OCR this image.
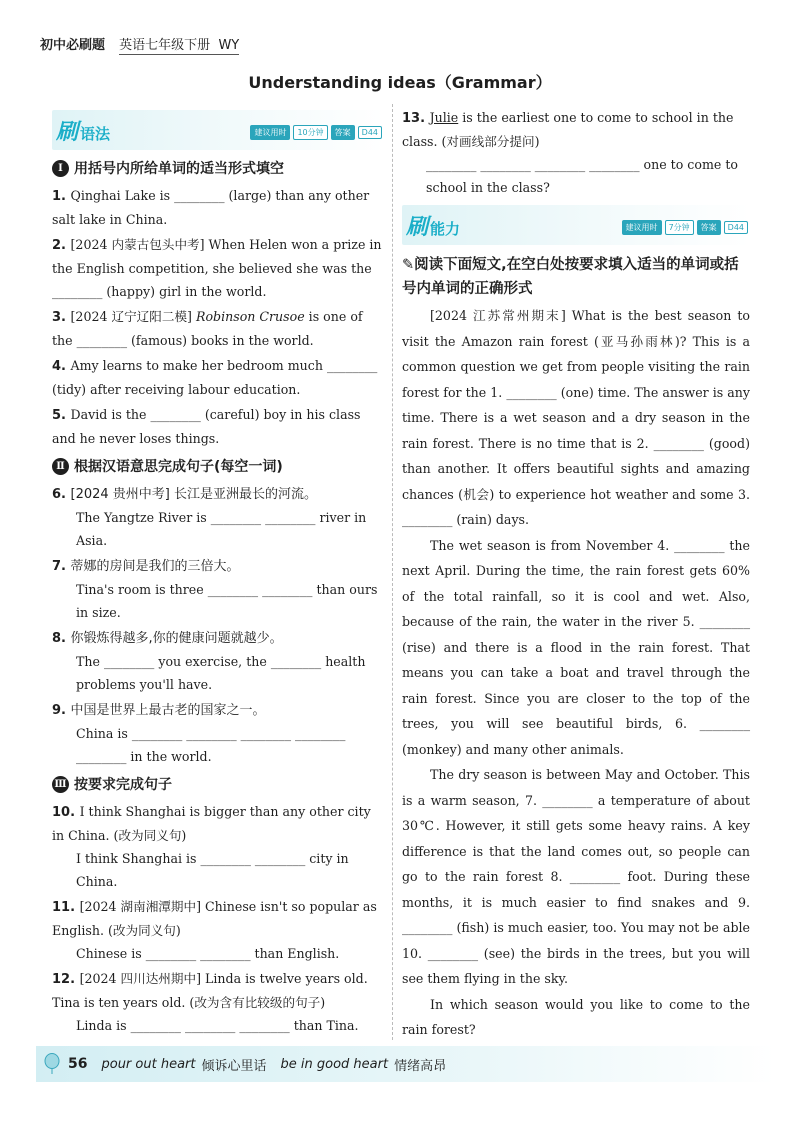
初中必刷题 英语七年级下册 WY
Understanding ideas（Grammar）
刷 语法	建议用时 10分钟 答案 D44
Ⅰ 用括号内所给单词的适当形式填空
1. Qinghai Lake is ________ (large) than any other salt lake in China.
2. [2024 内蒙古包头中考] When Helen won a prize in the English competition, she believed she was the ________ (happy) girl in the world.
3. [2024 辽宁辽阳二模] Robinson Crusoe is one of the ________ (famous) books in the world.
4. Amy learns to make her bedroom much ________ (tidy) after receiving labour education.
5. David is the ________ (careful) boy in his class and he never loses things.
Ⅱ 根据汉语意思完成句子(每空一词)
6. [2024 贵州中考] 长江是亚洲最长的河流。
The Yangtze River is ________ ________ river in Asia.
7. 蒂娜的房间是我们的三倍大。
Tina's room is three ________ ________ than ours in size.
8. 你锻炼得越多,你的健康问题就越少。
The ________ you exercise, the ________ health problems you'll have.
9. 中国是世界上最古老的国家之一。
China is ________ ________ ________ ________ ________ in the world.
Ⅲ 按要求完成句子
10. I think Shanghai is bigger than any other city in China. (改为同义句)
I think Shanghai is ________ ________ city in China.
11. [2024 湖南湘潭期中] Chinese isn't so popular as English. (改为同义句)
Chinese is ________ ________ than English.
12. [2024 四川达州期中] Linda is twelve years old. Tina is ten years old. (改为含有比较级的句子)
Linda is ________ ________ ________ than Tina.
13. Julie is the earliest one to come to school in the class. (对画线部分提问)
________ ________ ________ ________ one to come to school in the class?
刷 能力	建议用时 7分钟 答案 D44
✎阅读下面短文,在空白处按要求填入适当的单词或括号内单词的正确形式

[2024 江苏常州期末] What is the best season to visit the Amazon rain forest (亚马孙雨林)? This is a common question we get from people visiting the rain forest for the 1. ________ (one) time. The answer is any time. There is a wet season and a dry season in the rain forest. There is no time that is 2. ________ (good) than another. It offers beautiful sights and amazing chances (机会) to experience hot weather and some 3. ________ (rain) days.

The wet season is from November 4. ________ the next April. During the time, the rain forest gets 60% of the total rainfall, so it is cool and wet. Also, because of the rain, the water in the river 5. ________ (rise) and there is a flood in the rain forest. That means you can take a boat and travel through the rain forest. Since you are closer to the top of the trees, you will see beautiful birds, 6. ________ (monkey) and many other animals.

The dry season is between May and October. This is a warm season, 7. ________ a temperature of about 30℃. However, it still gets some heavy rains. A key difference is that the land comes out, so people can go to the rain forest 8. ________ foot. During these months, it is much easier to find snakes and 9. ________ (fish) is much easier, too. You may not be able 10. ________ (see) the birds in the trees, but you will see them flying in the sky.

In which season would you like to come to the rain forest?

56 pour out heart 倾诉心里话 be in good heart 情绪高昂
